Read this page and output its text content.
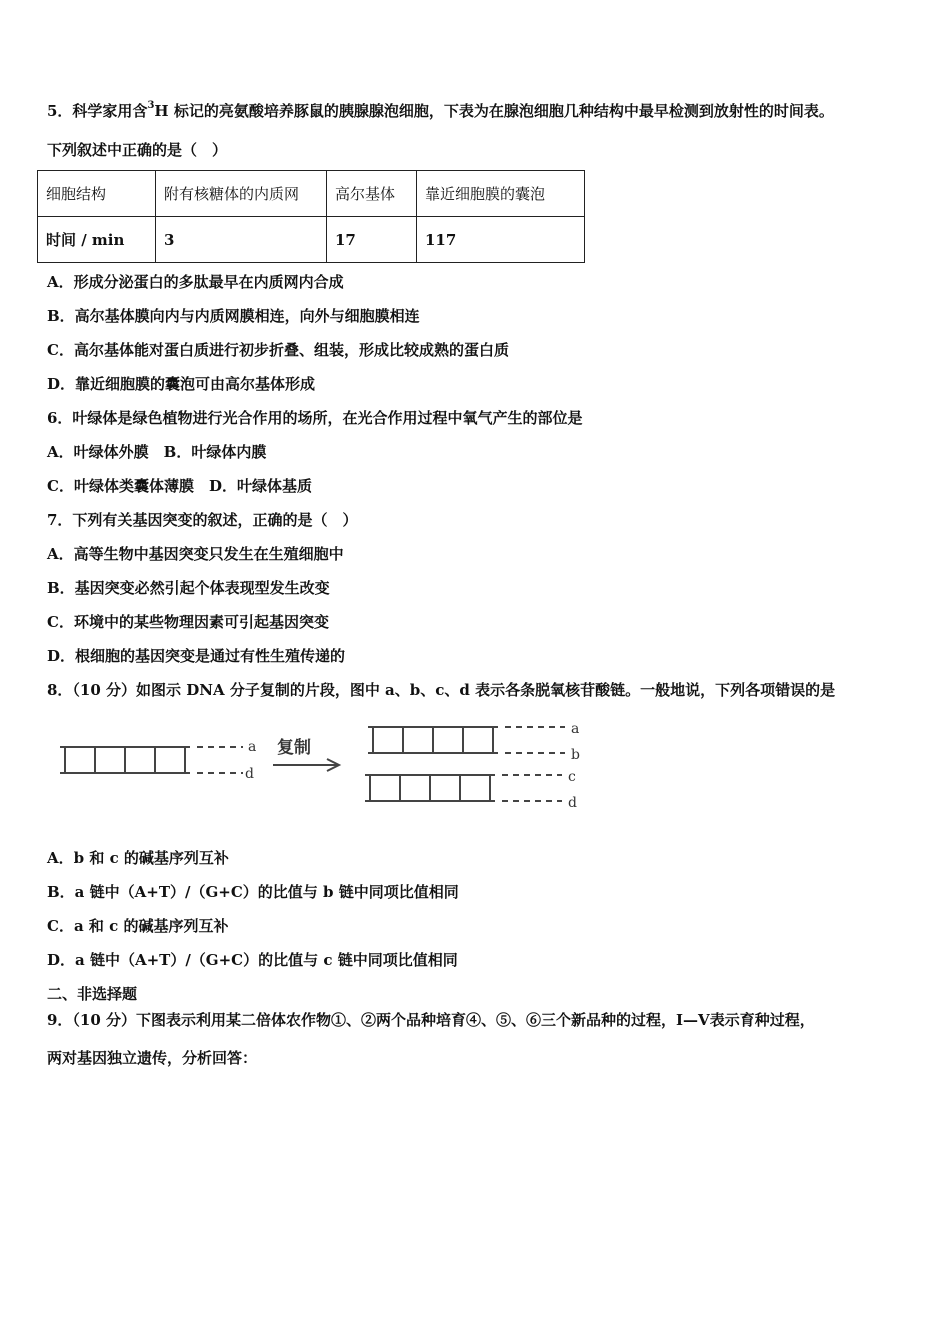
5．科学家用含$^3$H 标记的亮氨酸培养豚鼠的胰腺腺泡细胞，下表为在腺泡细胞几种结构中最早检测到放射性的时间表。
下列叙述中正确的是（　）
细胞结构	附有核糖体的内质网	高尔基体	靠近细胞膜的囊泡
时间 / min	3	17	117
A．形成分泌蛋白的多肽最早在内质网内合成
B．高尔基体膜向内与内质网膜相连，向外与细胞膜相连
C．高尔基体能对蛋白质进行初步折叠、组装，形成比较成熟的蛋白质
D．靠近细胞膜的囊泡可由高尔基体形成
6．叶绿体是绿色植物进行光合作用的场所，在光合作用过程中氧气产生的部位是
A．叶绿体外膜　B．叶绿体内膜
C．叶绿体类囊体薄膜　D．叶绿体基质
7．下列有关基因突变的叙述，正确的是（　）
A．高等生物中基因突变只发生在生殖细胞中
B．基因突变必然引起个体表现型发生改变
C．环境中的某些物理因素可引起基因突变
D．根细胞的基因突变是通过有性生殖传递的
8．（10 分）如图示 DNA 分子复制的片段，图中 a、b、c、d 表示各条脱氧核苷酸链。一般地说，下列各项错误的是
a
d
复制
a
b
c
d
A．b 和 c 的碱基序列互补
B．a 链中（A+T）/（G+C）的比值与 b 链中同项比值相同
C．a 和 c 的碱基序列互补
D．a 链中（A+T）/（G+C）的比值与 c 链中同项比值相同
二、非选择题
9．（10 分）下图表示利用某二倍体农作物①、②两个品种培育④、⑤、⑥三个新品种的过程，Ⅰ—Ⅴ表示育种过程，
两对基因独立遗传，分析回答：
